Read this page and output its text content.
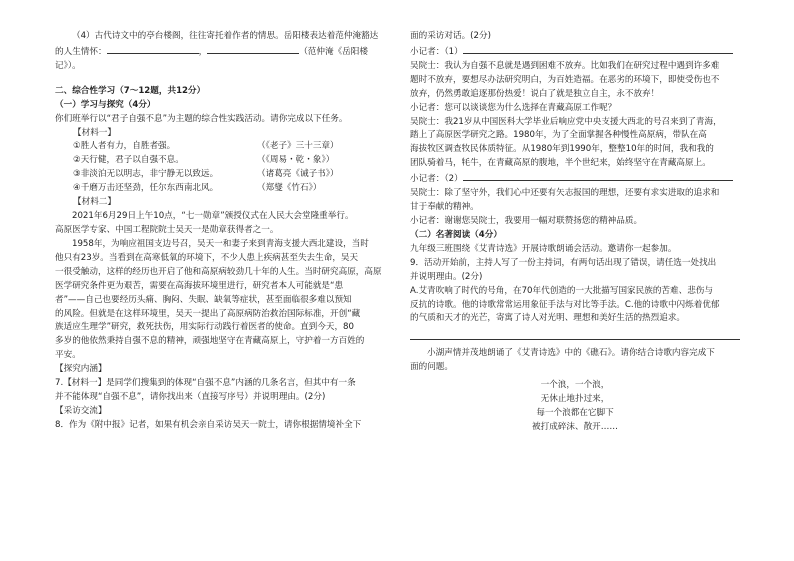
（4）古代诗文中的亭台楼阁，往往寄托着作者的情思。岳阳楼表达着范仲淹豁达

的人生情怀：	，	（范仲淹《岳阳楼记》）。

二、综合性学习（7～12题，共12分）

（一）学习与探究（4分）

你们班举行以“君子自强不息”为主题的综合性实践活动。请你完成以下任务。

【材料一】

①胜人者有力，自胜者强。	（《老子》三十三章）
②天行健，君子以自强不息。	（《周易・乾・象》）
③非淡泊无以明志，非宁静无以致远。	（诸葛亮《诫子书》）
④千磨万击还坚劲，任尔东西南北风。	（郑燮《竹石》）

【材料二】

2021年6月29日上午10点，“七一勋章”颁授仪式在人民大会堂隆重举行。

高原医学专家、中国工程院院士吴天一是勋章获得者之一。

1958年，为响应祖国支边号召，吴天一和妻子来到青海支援大西北建设，当时

他只有23岁。当看到在高寒低氧的环境下，不少人患上疾病甚至失去生命，吴天

一很受触动，这样的经历也开启了他和高原病较劲几十年的人生。当时研究高原，高原

医学研究条件更为艰苦，需要在高海拔环境里进行，研究者本人可能就是“患

者”——自己也要经历头痛、胸闷、失眠、缺氧等症状，甚至面临很多难以预知

的风险。但就是在这样环境里，吴天一提出了高原病防治救治国际标准，开创“藏

族适应生理学”研究，救死扶伤，用实际行动践行着医者的使命。直到今天，80

多岁的他依然秉持自强不息的精神，顽强地坚守在青藏高原上，守护着一方百姓的

平安。

【探究内涵】

7.【材料一】是同学们搜集到的体现“自强不息”内涵的几条名言，但其中有一条

并不能体现“自强不息”，请你找出来（直接写序号）并说明理由。(2分)

【采访交流】

8．作为《附中报》记者，如果有机会亲自采访吴天一院士，请你根据情境补全下

面的采访对话。(2分)

小记者：（1）

吴院士：我认为自强不息就是遇到困难不放弃。比如我们在研究过程中遇到许多难

题时不放弃，要想尽办法研究明白，为百姓造福。在恶劣的环境下，即使受伤也不

放弃，仍然勇敢追逐那份热爱！说白了就是独立自主，永不放弃！

小记者：您可以谈谈您为什么选择在青藏高原工作呢？

吴院士：我21岁从中国医科大学毕业后响应党中央支援大西北的号召来到了青海，

踏上了高原医学研究之路。1980年，为了全面掌握各种慢性高原病，带队在高

海拔牧区调查牧民体质特征。从1980年到1990年，整整10年的时间，我和我的

团队骑着马，牦牛，在青藏高原的腹地，半个世纪来，始终坚守在青藏高原上。

小记者：（2）

吴院士：除了坚守外，我们心中还要有矢志报国的理想，还要有求实进取的追求和

甘于奉献的精神。

小记者：谢谢您吴院士，我要用一幅对联赞扬您的精神品质。

（二）名著阅读（4分）

九年级三班围绕《艾青诗选》开展诗歌朗诵会活动。邀请你一起参加。

9．活动开始前，主持人写了一份主持词，有两句话出现了错误，请任选一处找出

并说明理由。(2分)

A.艾青吹响了时代的号角，在70年代创造的一大批描写国家民族的苦难、悲伤与

反抗的诗歌。他的诗歌常常运用象征手法与对比等手法。C.他的诗歌中闪烁着优郁

的气质和天才的光芒，寄寓了诗人对光明、理想和美好生活的热烈追求。

小湖声情并茂地朗诵了《艾青诗选》中的《礁石》。请你结合诗歌内容完成下

面的问题。

一个浪，一个浪，

无休止地扑过来，

每一个浪都在它脚下

被打成碎沫、散开……
